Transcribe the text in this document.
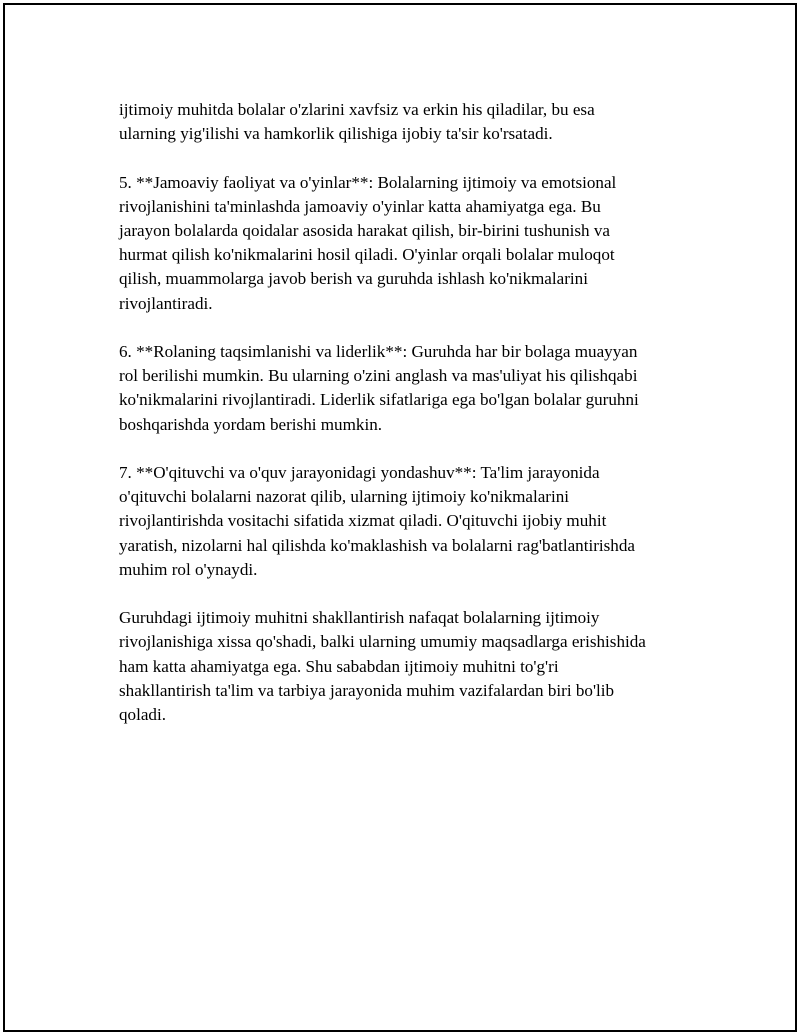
ijtimoiy muhitda bolalar o'zlarini xavfsiz va erkin his qiladilar, bu esa
ularning yig'ilishi va hamkorlik qilishiga ijobiy ta'sir ko'rsatadi.

5. **Jamoaviy faoliyat va o'yinlar**: Bolalarning ijtimoiy va emotsional
rivojlanishini ta'minlashda jamoaviy o'yinlar katta ahamiyatga ega. Bu
jarayon bolalarda qoidalar asosida harakat qilish, bir-birini tushunish va
hurmat qilish ko'nikmalarini hosil qiladi. O'yinlar orqali bolalar muloqot
qilish, muammolarga javob berish va guruhda ishlash ko'nikmalarini
rivojlantiradi.

6. **Rolaning taqsimlanishi va liderlik**: Guruhda har bir bolaga muayyan
rol berilishi mumkin. Bu ularning o'zini anglash va mas'uliyat his qilishqabi
ko'nikmalarini rivojlantiradi. Liderlik sifatlariga ega bo'lgan bolalar guruhni
boshqarishda yordam berishi mumkin.

7. **O'qituvchi va o'quv jarayonidagi yondashuv**: Ta'lim jarayonida
o'qituvchi bolalarni nazorat qilib, ularning ijtimoiy ko'nikmalarini
rivojlantirishda vositachi sifatida xizmat qiladi. O'qituvchi ijobiy muhit
yaratish, nizolarni hal qilishda ko'maklashish va bolalarni rag'batlantirishda
muhim rol o'ynaydi.

Guruhdagi ijtimoiy muhitni shakllantirish nafaqat bolalarning ijtimoiy
rivojlanishiga xissa qo'shadi, balki ularning umumiy maqsadlarga erishishida
ham katta ahamiyatga ega. Shu sababdan ijtimoiy muhitni to'g'ri
shakllantirish ta'lim va tarbiya jarayonida muhim vazifalardan biri bo'lib
qoladi.
